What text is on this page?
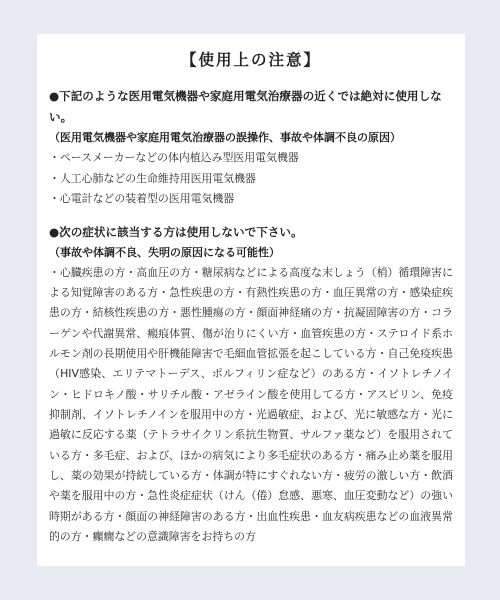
【使用上の注意】

●下記のような医用電気機器や家庭用電気治療器の近くでは絶対に使用しない。

（医用電気機器や家庭用電気治療器の誤操作、事故や体調不良の原因）

・ペースメーカーなどの体内植込み型医用電気機器

・人工心肺などの生命維持用医用電気機器

・心電計などの装着型の医用電気機器

●次の症状に該当する方は使用しないで下さい。

（事故や体調不良、失明の原因になる可能性）

・心臓疾患の方・高血圧の方・糖尿病などによる高度な末しょう（梢）循環障害による知覚障害のある方・急性疾患の方・有熱性疾患の方・血圧異常の方・感染症疾患の方・結核性疾患の方・悪性腫瘍の方・顔面神経痛の方・抗凝固障害の方・コラーゲンや代謝異常、瘢痕体質、傷が治りにくい方・血管疾患の方・ステロイド系ホルモン剤の長期使用や肝機能障害で毛細血管拡張を起こしている方・自己免疫疾患（HIV感染、エリテマトーデス、ポルフィリン症など）のある方・イソトレチノイン・ヒドロキノ酸・サリチル酸・アゼライン酸を使用してる方・アスピリン、免疫抑制剤、イソトレチノインを服用中の方・光過敏症、および、光に敏感な方・光に過敏に反応する薬（テトラサイクリン系抗生物質、サルファ薬など）を服用されている方・多毛症、および、ほかの病気により多毛症状のある方・痛み止め薬を服用し、薬の効果が持続している方・体調が特にすぐれない方・疲労の激しい方・飲酒や薬を服用中の方・急性炎症症状（けん（倦）怠感、悪寒、血圧変動など）の強い時期がある方・顔面の神経障害のある方・出血性疾患・血友病疾患などの血液異常的の方・癲癇などの意識障害をお持ちの方
